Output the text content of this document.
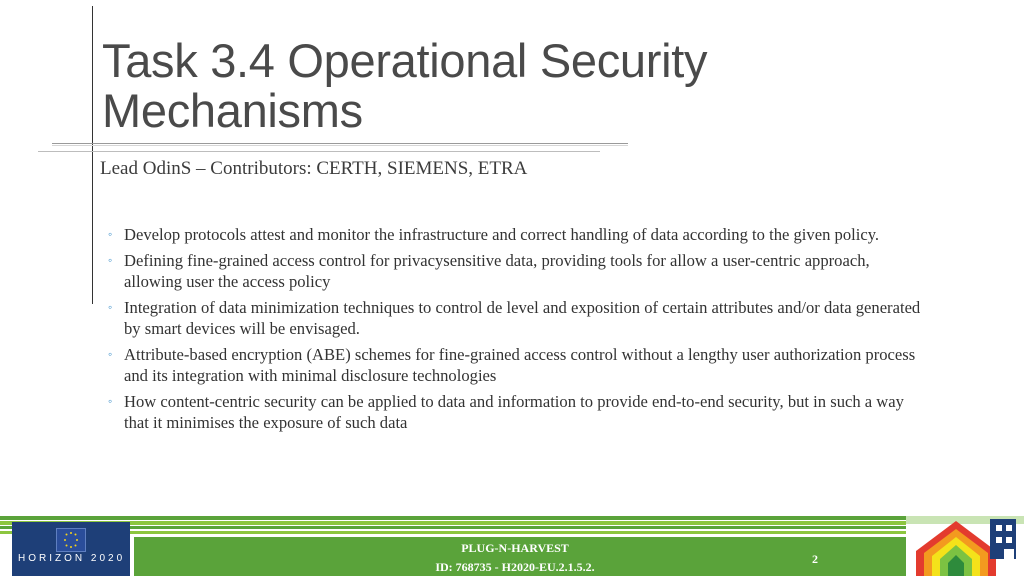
Task 3.4 Operational Security Mechanisms
Lead OdinS – Contributors: CERTH, SIEMENS, ETRA
◦ Develop protocols attest and monitor the infrastructure and correct handling of data according to the given policy.
◦ Defining fine-grained access control for privacysensitive data, providing tools for allow a user-centric approach, allowing user the access policy
◦ Integration of data minimization techniques to control de level and exposition of certain attributes and/or data generated by smart devices will be envisaged.
◦ Attribute-based encryption (ABE) schemes for fine-grained access control without a lengthy user authorization process and its integration with minimal disclosure technologies
◦ How content-centric security can be applied to data and information to provide end-to-end security, but in such a way that it minimises the exposure of such data
HORIZON 2020
PLUG-N-HARVEST
ID: 768735 - H2020-EU.2.1.5.2.
2
